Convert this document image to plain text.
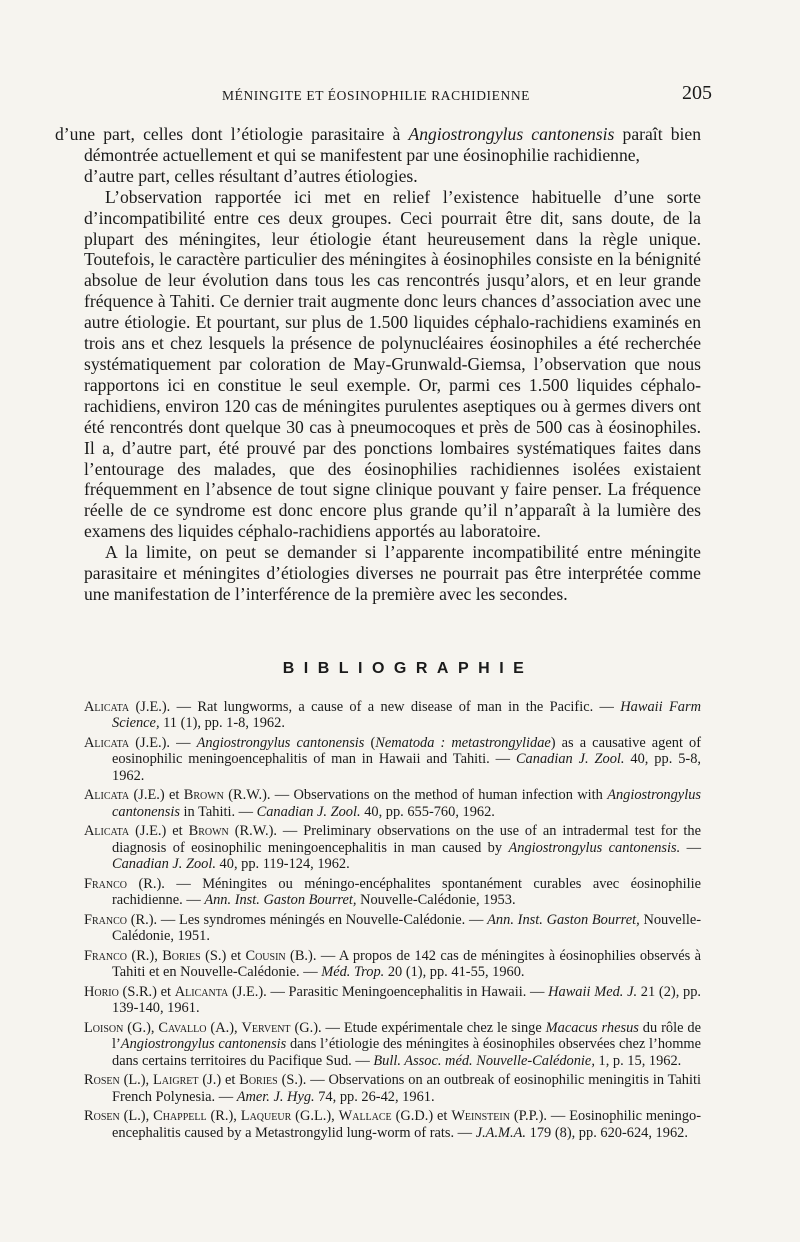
MÉNINGITE ET ÉOSINOPHILIE RACHIDIENNE	205

d’une part, celles dont l’étiologie parasitaire à Angiostrongylus cantonensis paraît bien démontrée actuellement et qui se manifestent par une éosinophilie rachidienne,

d’autre part, celles résultant d’autres étiologies.

L’observation rapportée ici met en relief l’existence habituelle d’une sorte d’incompatibilité entre ces deux groupes. Ceci pourrait être dit, sans doute, de la plupart des méningites, leur étiologie étant heureusement dans la règle unique. Toutefois, le caractère particulier des méningites à éosinophiles consiste en la bénignité absolue de leur évolution dans tous les cas rencontrés jusqu’alors, et en leur grande fréquence à Tahiti. Ce dernier trait augmente donc leurs chances d’association avec une autre étiologie. Et pourtant, sur plus de 1.500 liquides céphalo-rachidiens examinés en trois ans et chez lesquels la présence de polynucléaires éosinophiles a été recherchée systématiquement par coloration de May-Grunwald-Giemsa, l’observation que nous rapportons ici en constitue le seul exemple. Or, parmi ces 1.500 liquides céphalo-rachidiens, environ 120 cas de méningites purulentes aseptiques ou à germes divers ont été rencontrés dont quelque 30 cas à pneumocoques et près de 500 cas à éosinophiles. Il a, d’autre part, été prouvé par des ponctions lombaires systématiques faites dans l’entourage des malades, que des éosinophilies rachidiennes isolées existaient fréquemment en l’absence de tout signe clinique pouvant y faire penser. La fréquence réelle de ce syndrome est donc encore plus grande qu’il n’apparaît à la lumière des examens des liquides céphalo-rachidiens apportés au laboratoire.

A la limite, on peut se demander si l’apparente incompatibilité entre méningite parasitaire et méningites d’étiologies diverses ne pourrait pas être interprétée comme une manifestation de l’interférence de la première avec les secondes.

BIBLIOGRAPHIE

Alicata (J.E.). — Rat lungworms, a cause of a new disease of man in the Pacific. — Hawaii Farm Science, 11 (1), pp. 1-8, 1962.

Alicata (J.E.). — Angiostrongylus cantonensis (Nematoda : metastrongylidae) as a causative agent of eosinophilic meningoencephalitis of man in Hawaii and Tahiti. — Canadian J. Zool. 40, pp. 5-8, 1962.

Alicata (J.E.) et Brown (R.W.). — Observations on the method of human infection with Angiostrongylus cantonensis in Tahiti. — Canadian J. Zool. 40, pp. 655-760, 1962.

Alicata (J.E.) et Brown (R.W.). — Preliminary observations on the use of an intradermal test for the diagnosis of eosinophilic meningoencephalitis in man caused by Angiostrongylus cantonensis. — Canadian J. Zool. 40, pp. 119-124, 1962.

Franco (R.). — Méningites ou méningo-encéphalites spontanément curables avec éosinophilie rachidienne. — Ann. Inst. Gaston Bourret, Nouvelle-Calédonie, 1953.

Franco (R.). — Les syndromes méningés en Nouvelle-Calédonie. — Ann. Inst. Gaston Bourret, Nouvelle-Calédonie, 1951.

Franco (R.), Bories (S.) et Cousin (B.). — A propos de 142 cas de méningites à éosinophilies observés à Tahiti et en Nouvelle-Calédonie. — Méd. Trop. 20 (1), pp. 41-55, 1960.

Horio (S.R.) et Alicanta (J.E.). — Parasitic Meningoencephalitis in Hawaii. — Hawaii Med. J. 21 (2), pp. 139-140, 1961.

Loison (G.), Cavallo (A.), Vervent (G.). — Etude expérimentale chez le singe Macacus rhesus du rôle de l’Angiostrongylus cantonensis dans l’étiologie des méningites à éosinophiles observées chez l’homme dans certains territoires du Pacifique Sud. — Bull. Assoc. méd. Nouvelle-Calédonie, 1, p. 15, 1962.

Rosen (L.), Laigret (J.) et Bories (S.). — Observations on an outbreak of eosinophilic meningitis in Tahiti French Polynesia. — Amer. J. Hyg. 74, pp. 26-42, 1961.

Rosen (L.), Chappell (R.), Laqueur (G.L.), Wallace (G.D.) et Weinstein (P.P.). — Eosinophilic meningo-encephalitis caused by a Metastrongylid lung-worm of rats. — J.A.M.A. 179 (8), pp. 620-624, 1962.
